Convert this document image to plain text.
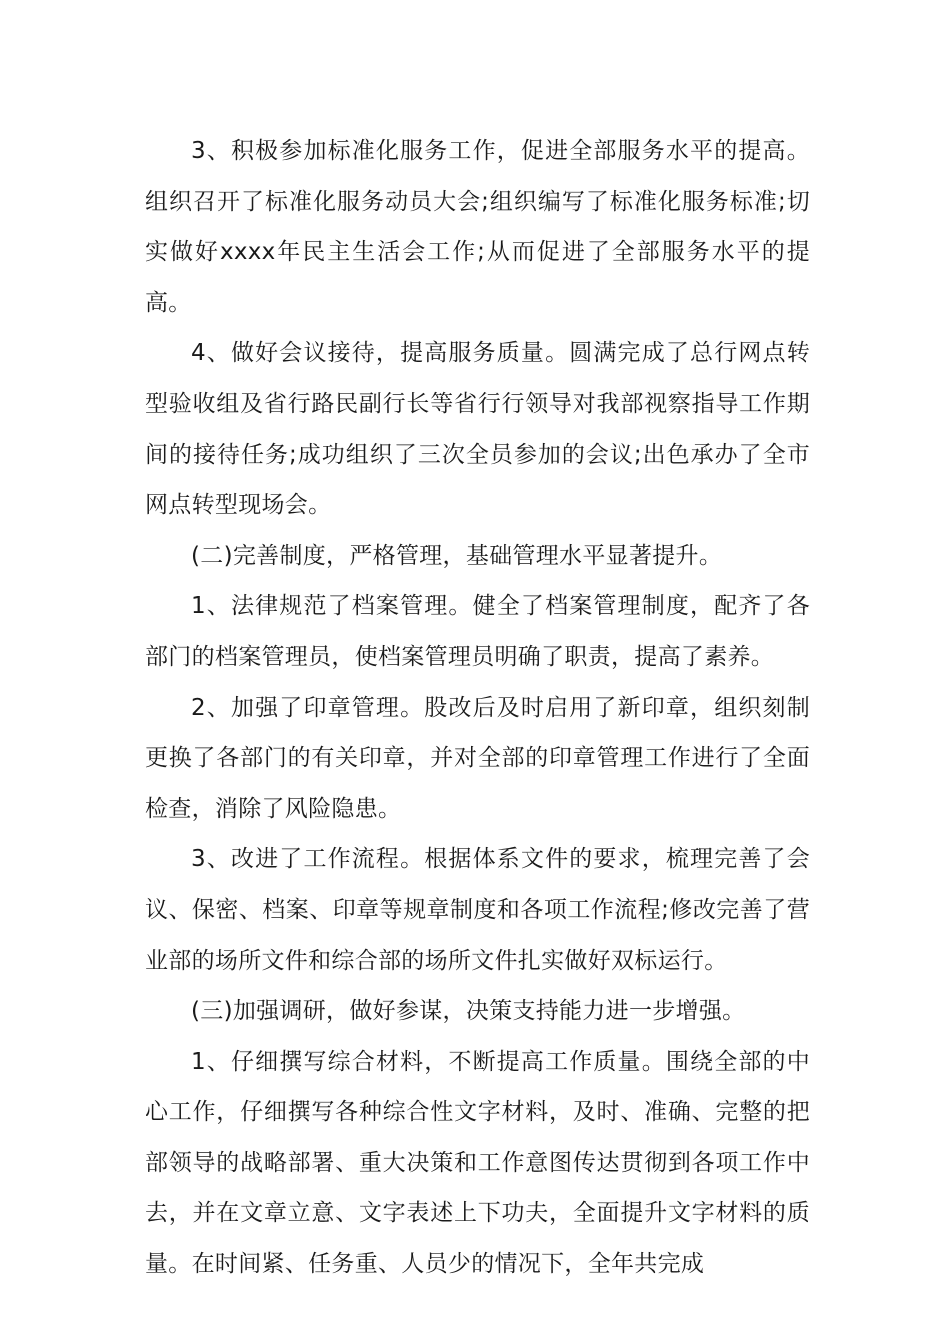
3、积极参加标准化服务工作，促进全部服务水平的提高。组织召开了标准化服务动员大会;组织编写了标准化服务标准;切实做好xxxx年民主生活会工作;从而促进了全部服务水平的提高。

4、做好会议接待，提高服务质量。圆满完成了总行网点转型验收组及省行路民副行长等省行行领导对我部视察指导工作期间的接待任务;成功组织了三次全员参加的会议;出色承办了全市网点转型现场会。

(二)完善制度，严格管理，基础管理水平显著提升。

1、法律规范了档案管理。健全了档案管理制度，配齐了各部门的档案管理员，使档案管理员明确了职责，提高了素养。

2、加强了印章管理。股改后及时启用了新印章，组织刻制更换了各部门的有关印章，并对全部的印章管理工作进行了全面检查，消除了风险隐患。

3、改进了工作流程。根据体系文件的要求，梳理完善了会议、保密、档案、印章等规章制度和各项工作流程;修改完善了营业部的场所文件和综合部的场所文件扎实做好双标运行。

(三)加强调研，做好参谋，决策支持能力进一步增强。

1、仔细撰写综合材料，不断提高工作质量。围绕全部的中心工作，仔细撰写各种综合性文字材料，及时、准确、完整的把部领导的战略部署、重大决策和工作意图传达贯彻到各项工作中去，并在文章立意、文字表述上下功夫，全面提升文字材料的质量。在时间紧、任务重、人员少的情况下，全年共完成
